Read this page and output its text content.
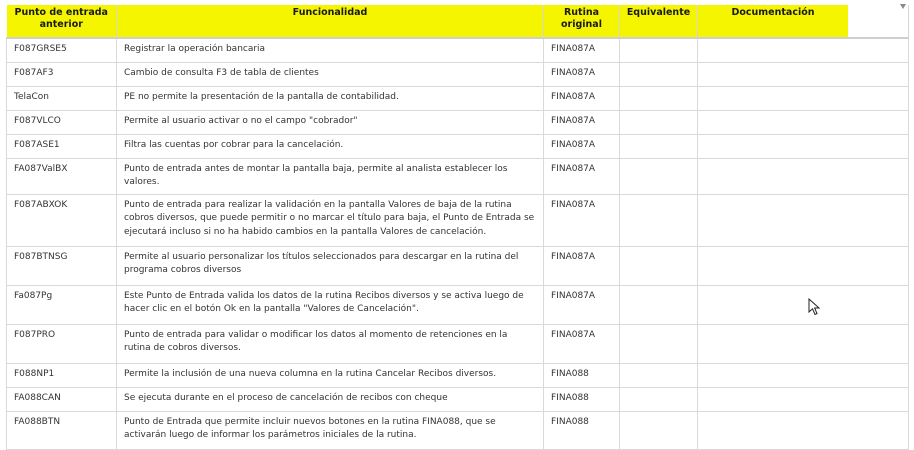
Punto de entrada anterior	Funcionalidad	Rutina original	Equivalente	Documentación

F087GRSE5	Registrar la operación bancaria	FINA087A		
F087AF3	Cambio de consulta F3 de tabla de clientes	FINA087A		
TelaCon	PE no permite la presentación de la pantalla de contabilidad.	FINA087A		
F087VLCO	Permite al usuario activar o no el campo "cobrador"	FINA087A		
F087ASE1	Filtra las cuentas por cobrar para la cancelación.	FINA087A		
FA087ValBX	Punto de entrada antes de montar la pantalla baja, permite al analista establecer los valores.	FINA087A		
F087ABXOK	Punto de entrada para realizar la validación en la pantalla Valores de baja de la rutina cobros diversos, que puede permitir o no marcar el título para baja, el Punto de Entrada se ejecutará incluso si no ha habido cambios en la pantalla Valores de cancelación.	FINA087A		
F087BTNSG	Permite al usuario personalizar los títulos seleccionados para descargar en la rutina del programa cobros diversos	FINA087A		
Fa087Pg	Este Punto de Entrada valida los datos de la rutina Recibos diversos y se activa luego de hacer clic en el botón Ok en la pantalla "Valores de Cancelación".	FINA087A		
F087PRO	Punto de entrada para validar o modificar los datos al momento de retenciones en la rutina de cobros diversos.	FINA087A		
F088NP1	Permite la inclusión de una nueva columna en la rutina Cancelar Recibos diversos.	FINA088		
FA088CAN	Se ejecuta durante en el proceso de cancelación de recibos con cheque	FINA088		
FA088BTN	Punto de Entrada que permite incluir nuevos botones en la rutina FINA088, que se activarán luego de informar los parámetros iniciales de la rutina.	FINA088		
